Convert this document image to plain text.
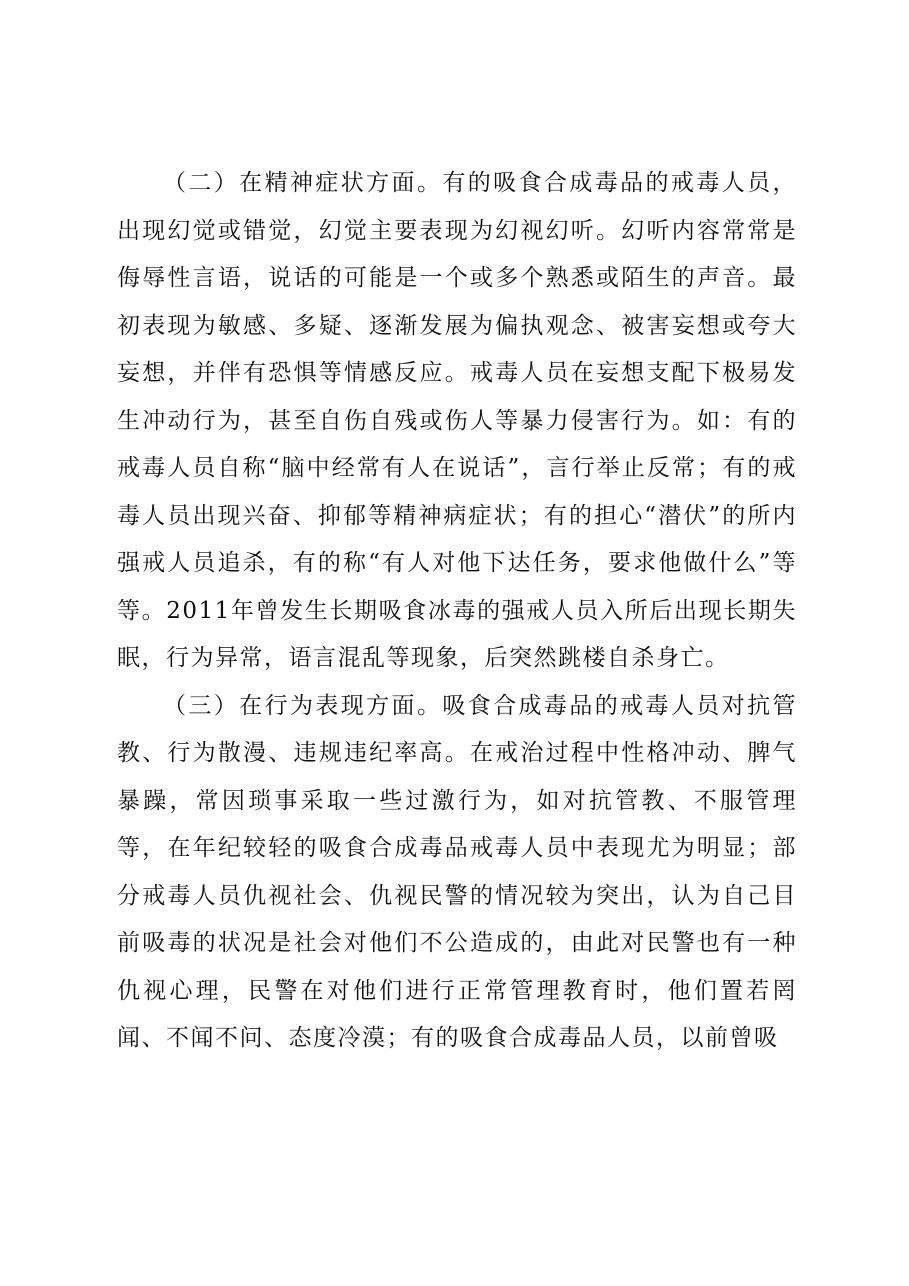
（二）在精神症状方面。有的吸食合成毒品的戒毒人员，出现幻觉或错觉，幻觉主要表现为幻视幻听。幻听内容常常是侮辱性言语，说话的可能是一个或多个熟悉或陌生的声音。最初表现为敏感、多疑、逐渐发展为偏执观念、被害妄想或夸大妄想，并伴有恐惧等情感反应。戒毒人员在妄想支配下极易发生冲动行为，甚至自伤自残或伤人等暴力侵害行为。如：有的戒毒人员自称“脑中经常有人在说话”，言行举止反常；有的戒毒人员出现兴奋、抑郁等精神病症状；有的担心“潜伏”的所内强戒人员追杀，有的称“有人对他下达任务，要求他做什么”等等。2011年曾发生长期吸食冰毒的强戒人员入所后出现长期失眠，行为异常，语言混乱等现象，后突然跳楼自杀身亡。

（三）在行为表现方面。吸食合成毒品的戒毒人员对抗管教、行为散漫、违规违纪率高。在戒治过程中性格冲动、脾气暴躁，常因琐事采取一些过激行为，如对抗管教、不服管理等，在年纪较轻的吸食合成毒品戒毒人员中表现尤为明显；部分戒毒人员仇视社会、仇视民警的情况较为突出，认为自己目前吸毒的状况是社会对他们不公造成的，由此对民警也有一种仇视心理，民警在对他们进行正常管理教育时，他们置若罔闻、不闻不问、态度冷漠；有的吸食合成毒品人员，以前曾吸
